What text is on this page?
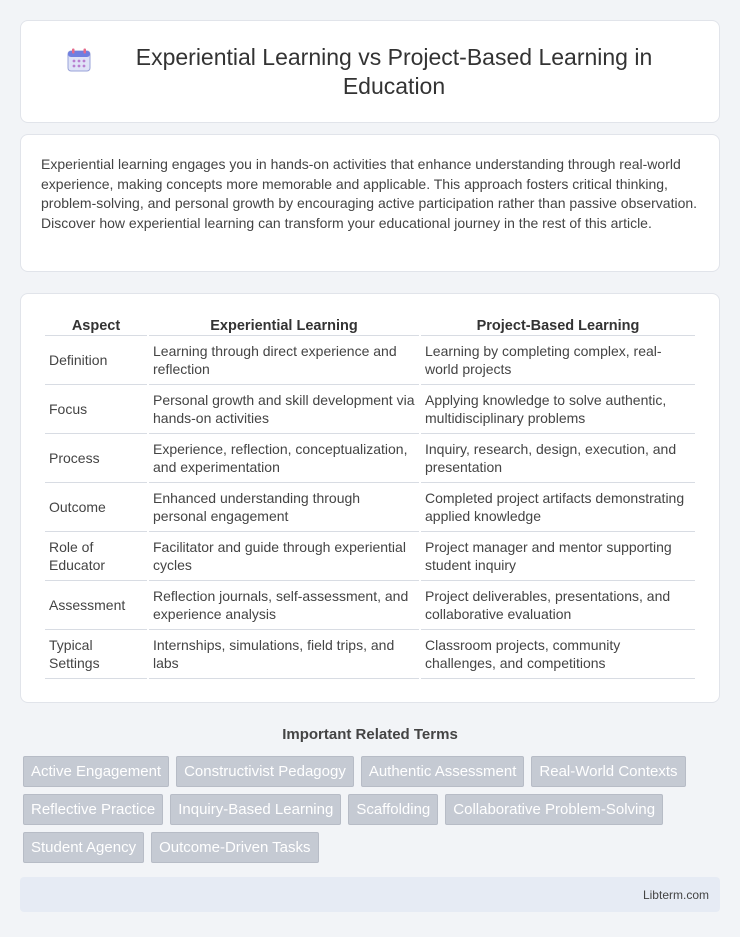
Experiential Learning vs Project-Based Learning in Education

Experiential learning engages you in hands-on activities that enhance understanding through real-world experience, making concepts more memorable and applicable. This approach fosters critical thinking, problem-solving, and personal growth by encouraging active participation rather than passive observation. Discover how experiential learning can transform your educational journey in the rest of this article.

Aspect	Experiential Learning	Project-Based Learning
Definition	Learning through direct experience and reflection	Learning by completing complex, real-world projects
Focus	Personal growth and skill development via hands-on activities	Applying knowledge to solve authentic, multidisciplinary problems
Process	Experience, reflection, conceptualization, and experimentation	Inquiry, research, design, execution, and presentation
Outcome	Enhanced understanding through personal engagement	Completed project artifacts demonstrating applied knowledge
Role of Educator	Facilitator and guide through experiential cycles	Project manager and mentor supporting student inquiry
Assessment	Reflection journals, self-assessment, and experience analysis	Project deliverables, presentations, and collaborative evaluation
Typical Settings	Internships, simulations, field trips, and labs	Classroom projects, community challenges, and competitions
Important Related Terms
Active Engagement	Constructivist Pedagogy	Authentic Assessment	Real-World Contexts
Reflective Practice	Inquiry-Based Learning	Scaffolding	Collaborative Problem-Solving
Student Agency	Outcome-Driven Tasks
Libterm.com
